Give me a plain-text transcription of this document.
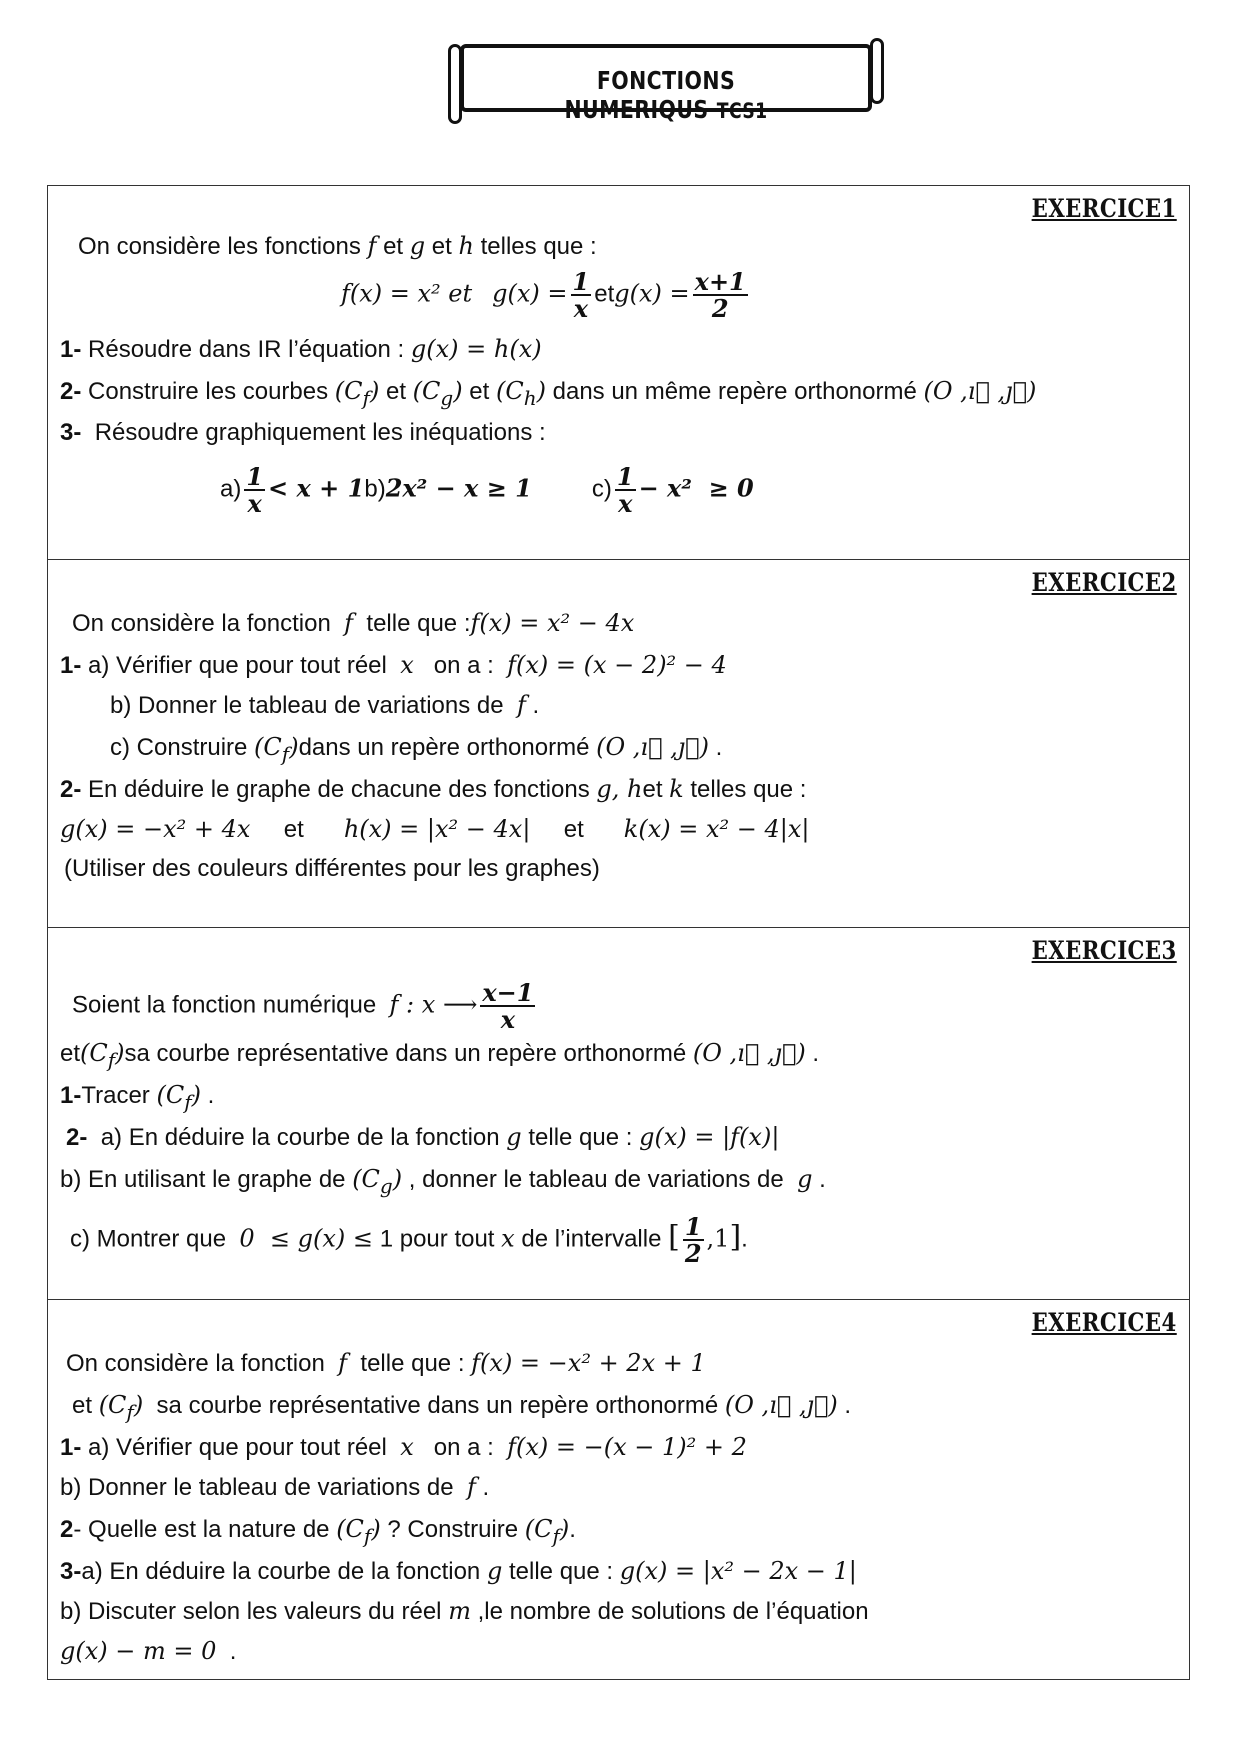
FONCTIONS NUMERIQUS TCS1
EXERCICE1
On considère les fonctions f et g et h telles que :
f(x) = x² et $g(x) = \frac{1}{x} etg(x) = \frac{x+1}{2}$
1- Résoudre dans IR l’équation : g(x) = h(x)
2- Construire les courbes $(C_f)$ et $(C_g)$ et $(C_h)$ dans un même repère orthonormé (O ,ı⃗ ,ȷ⃗)
3- Résoudre graphiquement les inéquations :
$a) \frac{1}{x} < x + 1b)2x^2 - x \ge 1$	$c) \frac{1}{x} - x^2 \ge 0$
EXERCICE2
On considère la fonction f telle que :f(x) = x² − 4x
1- a) Vérifier que pour tout réel x on a : f(x) = (x − 2)² − 4
b) Donner le tableau de variations de f .
c) Construire $(C_f)dans$ un repère orthonormé (O ,ı⃗ ,ȷ⃗) .
2- En déduire le graphe de chacune des fonctions g, het k telles que :
g(x) = −x² + 4x     et      h(x) = |x² − 4x|     et      k(x) = x² − 4|x|
(Utiliser des couleurs différentes pour les graphes)
EXERCICE3
Soient la fonction numérique f : x ⟶ $\frac{x-1}{x}$
$et(C_f)sa$ courbe représentative dans un repère orthonormé (O ,ı⃗ ,ȷ⃗) .
1-Tracer $(C_f)$ .
2- a) En déduire la courbe de la fonction g telle que : g(x) = |f(x)|
b) En utilisant le graphe de $(C_g)$ , donner le tableau de variations de g .
c) Montrer que 0  ≤ g(x) ≤ 1 pour tout x de l’intervalle [ $\frac{1}{2} ,1$].
EXERCICE4
On considère la fonction f telle que : f(x) = −x² + 2x + 1
et $(C_f)$ sa courbe représentative dans un repère orthonormé (O ,ı⃗ ,ȷ⃗) .
1- a) Vérifier que pour tout réel x on a : f(x) = −(x − 1)² + 2
b) Donner le tableau de variations de f .
2- Quelle est la nature de $(C_f)$ ? Construire $(C_f)$.
3-a) En déduire la courbe de la fonction g telle que : g(x) = |x² − 2x − 1|
b) Discuter selon les valeurs du réel m ,le nombre de solutions de l’équation
g(x) − m = 0  .
